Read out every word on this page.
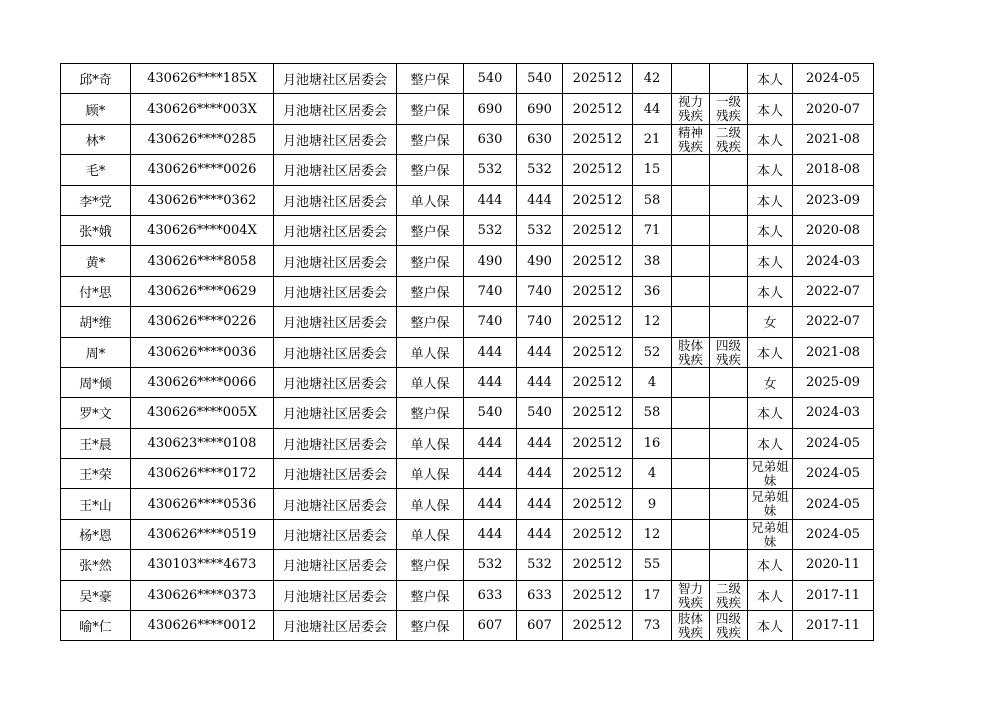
邱*奇	430626****185X	月池塘社区居委会	整户保	540	540	202512	42			本人	2024-05
顾*	430626****003X	月池塘社区居委会	整户保	690	690	202512	44	视力残疾	一级残疾	本人	2020-07
林*	430626****0285	月池塘社区居委会	整户保	630	630	202512	21	精神残疾	二级残疾	本人	2021-08
毛*	430626****0026	月池塘社区居委会	整户保	532	532	202512	15			本人	2018-08
李*党	430626****0362	月池塘社区居委会	单人保	444	444	202512	58			本人	2023-09
张*娥	430626****004X	月池塘社区居委会	整户保	532	532	202512	71			本人	2020-08
黄*	430626****8058	月池塘社区居委会	整户保	490	490	202512	38			本人	2024-03
付*思	430626****0629	月池塘社区居委会	整户保	740	740	202512	36			本人	2022-07
胡*维	430626****0226	月池塘社区居委会	整户保	740	740	202512	12			女	2022-07
周*	430626****0036	月池塘社区居委会	单人保	444	444	202512	52	肢体残疾	四级残疾	本人	2021-08
周*倾	430626****0066	月池塘社区居委会	单人保	444	444	202512	4			女	2025-09
罗*文	430626****005X	月池塘社区居委会	整户保	540	540	202512	58			本人	2024-03
王*晨	430623****0108	月池塘社区居委会	单人保	444	444	202512	16			本人	2024-05
王*荣	430626****0172	月池塘社区居委会	单人保	444	444	202512	4			兄弟姐妹	2024-05
王*山	430626****0536	月池塘社区居委会	单人保	444	444	202512	9			兄弟姐妹	2024-05
杨*恩	430626****0519	月池塘社区居委会	单人保	444	444	202512	12			兄弟姐妹	2024-05
张*然	430103****4673	月池塘社区居委会	整户保	532	532	202512	55			本人	2020-11
吴*豪	430626****0373	月池塘社区居委会	整户保	633	633	202512	17	智力残疾	二级残疾	本人	2017-11
喻*仁	430626****0012	月池塘社区居委会	整户保	607	607	202512	73	肢体残疾	四级残疾	本人	2017-11
